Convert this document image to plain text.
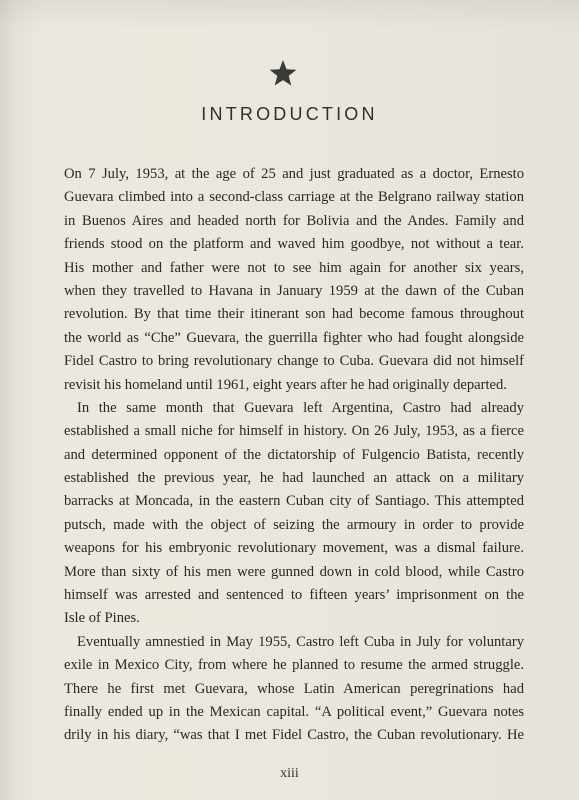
INTRODUCTION
On 7 July, 1953, at the age of 25 and just graduated as a doctor, Ernesto
Guevara climbed into a second-class carriage at the Belgrano railway station
in Buenos Aires and headed north for Bolivia and the Andes. Family and
friends stood on the platform and waved him goodbye, not without a tear.
His mother and father were not to see him again for another six years,
when they travelled to Havana in January 1959 at the dawn of the Cuban
revolution. By that time their itinerant son had become famous throughout
the world as “Che” Guevara, the guerrilla fighter who had fought alongside
Fidel Castro to bring revolutionary change to Cuba. Guevara did not himself
revisit his homeland until 1961, eight years after he had originally departed.
In the same month that Guevara left Argentina, Castro had already
established a small niche for himself in history. On 26 July, 1953, as a fierce
and determined opponent of the dictatorship of Fulgencio Batista, recently
established the previous year, he had launched an attack on a military
barracks at Moncada, in the eastern Cuban city of Santiago. This attempted
putsch, made with the object of seizing the armoury in order to provide
weapons for his embryonic revolutionary movement, was a dismal failure.
More than sixty of his men were gunned down in cold blood, while Castro
himself was arrested and sentenced to fifteen years’ imprisonment on the
Isle of Pines.
Eventually amnestied in May 1955, Castro left Cuba in July for voluntary
exile in Mexico City, from where he planned to resume the armed struggle.
There he first met Guevara, whose Latin American peregrinations had
finally ended up in the Mexican capital. “A political event,” Guevara notes
drily in his diary, “was that I met Fidel Castro, the Cuban revolutionary. He
xiii
